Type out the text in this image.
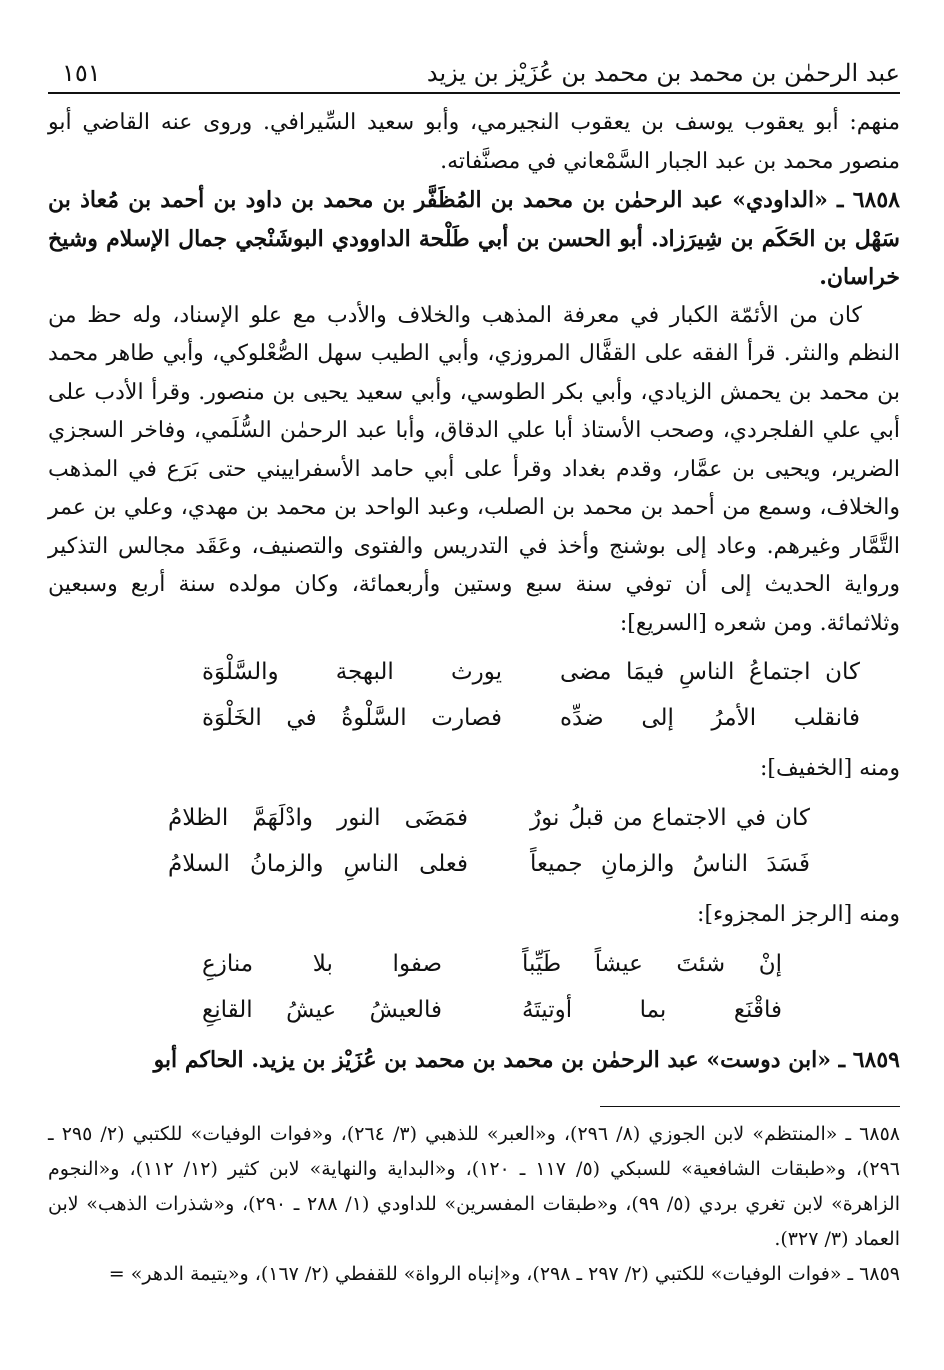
عبد الرحمٰن بن محمد بن محمد بن عُزَيْز بن يزيد
١٥١

منهم: أبو يعقوب يوسف بن يعقوب النجيرمي، وأبو سعيد السِّيرافي. وروى عنه القاضي أبو منصور محمد بن عبد الجبار السَّمْعاني في مصنَّفاته.

٦٨٥٨ ـ «الداودي» عبد الرحمٰن بن محمد بن المُظَفَّر بن محمد بن داود بن أحمد بن مُعاذ بن سَهْل بن الحَكَم بن شِيرَزاد. أبو الحسن بن أبي طَلْحة الداوودي البوشَنْجي جمال الإسلام وشيخ خراسان.

كان من الأئمّة الكبار في معرفة المذهب والخلاف والأدب مع علو الإسناد، وله حظ من النظم والنثر. قرأ الفقه على القفَّال المروزي، وأبي الطيب سهل الصُّعْلوكي، وأبي طاهر محمد بن محمد بن يحمش الزيادي، وأبي بكر الطوسي، وأبي سعيد يحيى بن منصور. وقرأ الأدب على أبي علي الفلجردي، وصحب الأستاذ أبا علي الدقاق، وأبا عبد الرحمٰن السُّلَمي، وفاخر السجزي الضرير، ويحيى بن عمَّار، وقدم بغداد وقرأ على أبي حامد الأسفراييني حتى بَرَع في المذهب والخلاف، وسمع من أحمد بن محمد بن الصلب، وعبد الواحد بن محمد بن مهدي، وعلي بن عمر التَّمَّار وغيرهم. وعاد إلى بوشنج وأخذ في التدريس والفتوى والتصنيف، وعَقَد مجالس التذكير ورواية الحديث إلى أن توفي سنة سبع وستين وأربعمائة، وكان مولده سنة أربع وسبعين وثلاثمائة. ومن شعره [السريع]:

كان اجتماعُ الناسِ فيمَا مضى
يورث البهجة والسَّلْوَة
فانقلب الأمرُ إلى ضدِّه
فصارت السَّلْوةُ في الخَلْوَة
ومنه [الخفيف]:
كان في الاجتماع من قبلُ نورٌ
فمَضَى النور وادْلَهَمَّ الظلامُ
فَسَدَ الناسُ والزمانِ جميعاً
فعلى الناسِ والزمانُ السلامُ
ومنه [الرجز المجزوء]:
إنْ شئتَ عيشاً طَيِّباً
صفوا بلا منازعِ
فاقْنَع بما أوتيتَهُ
فالعيشُ عيشُ القانِعِ

٦٨٥٩ ـ «ابن دوست» عبد الرحمٰن بن محمد بن محمد بن عُزَيْز بن يزيد. الحاكم أبو

٦٨٥٨ ـ «المنتظم» لابن الجوزي (٨/ ٢٩٦)، و«العبر» للذهبي (٣/ ٢٦٤)، و«فوات الوفيات» للكتبي (٢/ ٢٩٥ ـ ٢٩٦)، و«طبقات الشافعية» للسبكي (٥/ ١١٧ ـ ١٢٠)، و«البداية والنهاية» لابن كثير (١٢/ ١١٢)، و«النجوم الزاهرة» لابن تغري بردي (٥/ ٩٩)، و«طبقات المفسرين» للداودي (١/ ٢٨٨ ـ ٢٩٠)، و«شذرات الذهب» لابن العماد (٣/ ٣٢٧).

٦٨٥٩ ـ «فوات الوفيات» للكتبي (٢/ ٢٩٧ ـ ٢٩٨)، و«إنباه الرواة» للقفطي (٢/ ١٦٧)، و«يتيمة الدهر» =
